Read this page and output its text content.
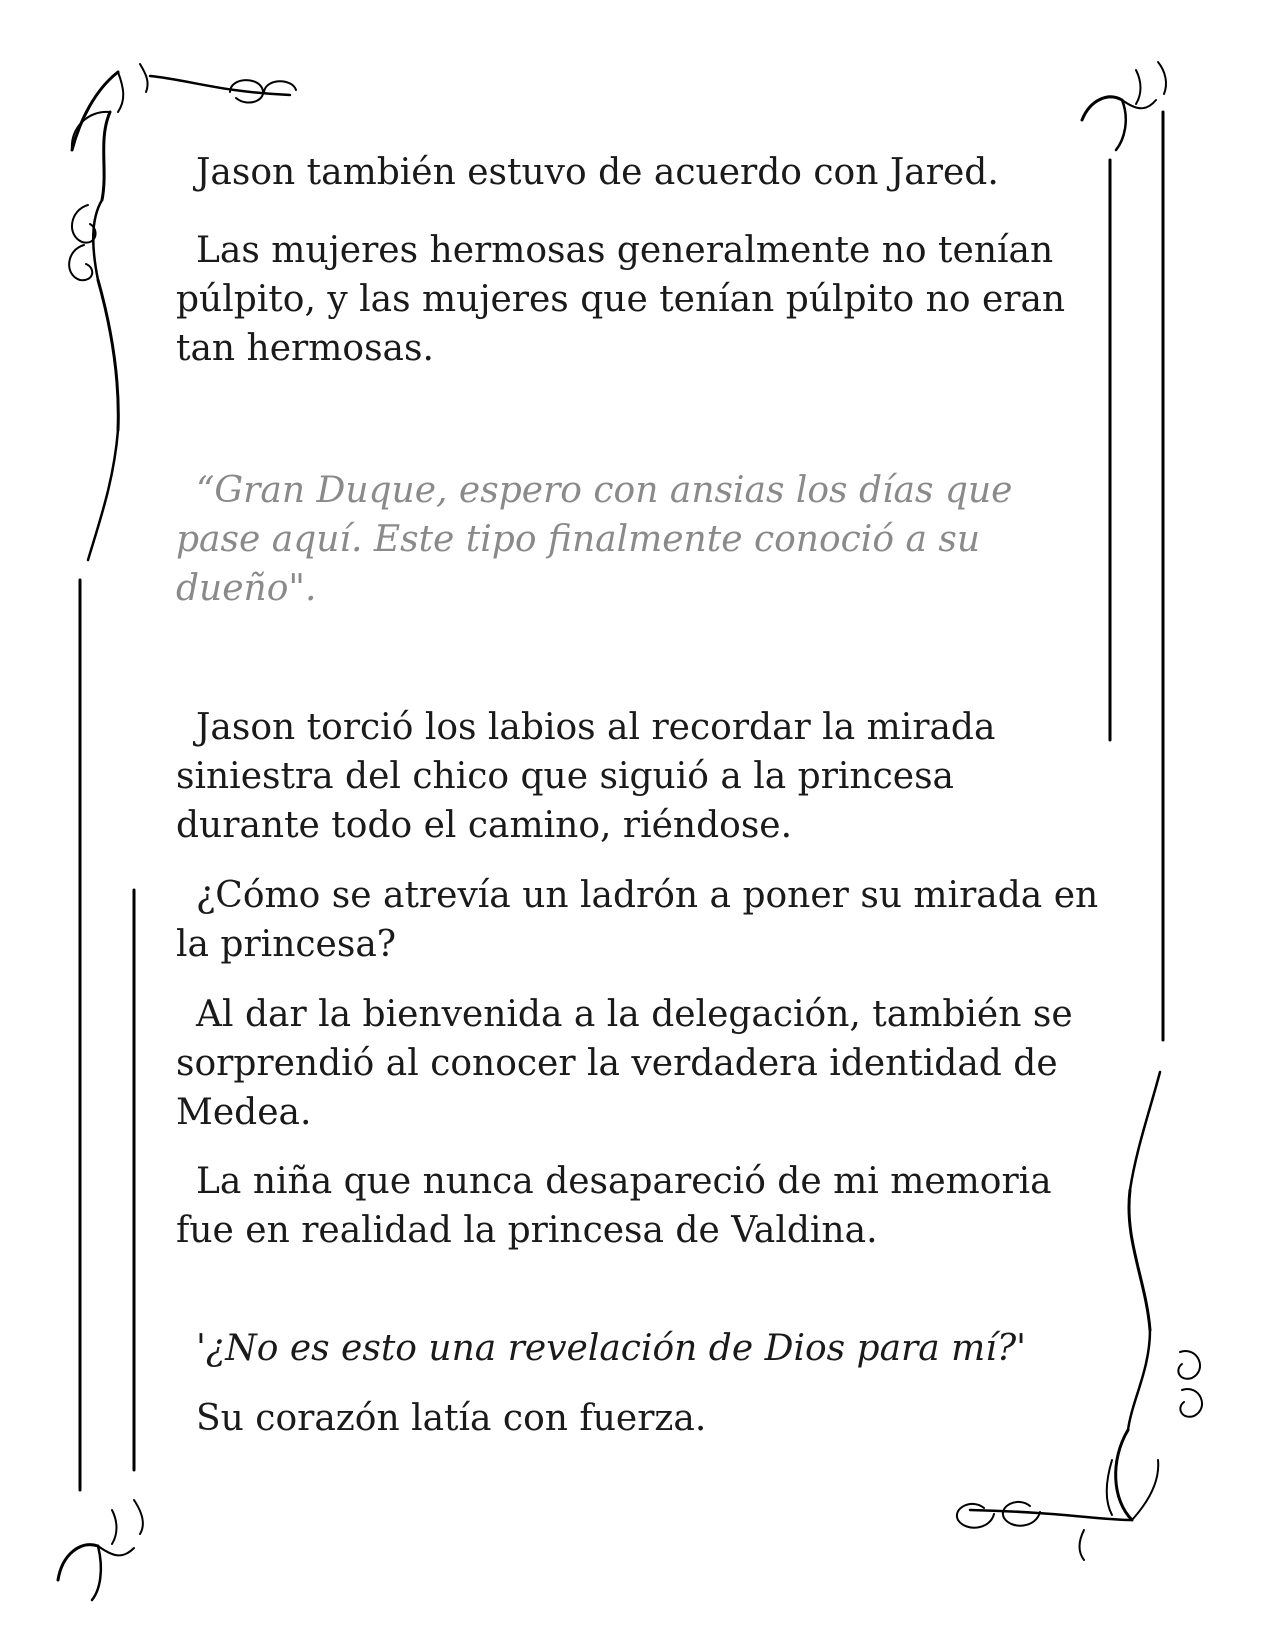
Jason también estuvo de acuerdo con Jared.

Las mujeres hermosas generalmente no tenían púlpito, y las mujeres que tenían púlpito no eran tan hermosas.

“Gran Duque, espero con ansias los días que pase aquí. Este tipo finalmente conoció a su dueño".

Jason torció los labios al recordar la mirada siniestra del chico que siguió a la princesa durante todo el camino, riéndose.

¿Cómo se atrevía un ladrón a poner su mirada en la princesa?

Al dar la bienvenida a la delegación, también se sorprendió al conocer la verdadera identidad de Medea.

La niña que nunca desapareció de mi memoria fue en realidad la princesa de Valdina.

'¿No es esto una revelación de Dios para mí?'

Su corazón latía con fuerza.
